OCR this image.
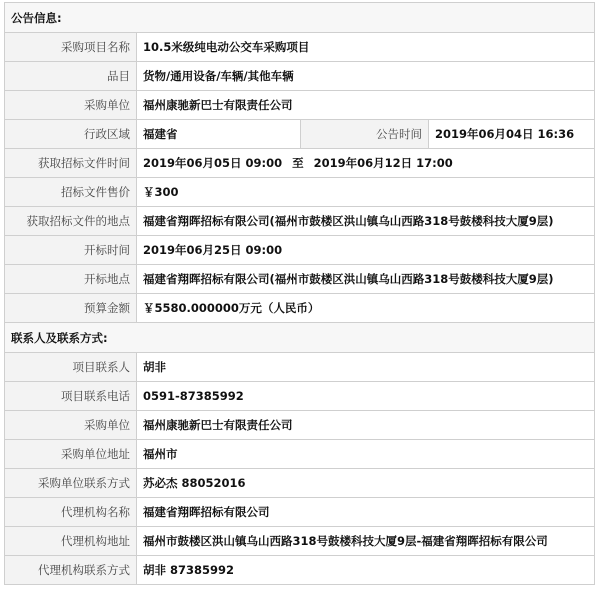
公告信息:			
采购项目名称	10.5米级纯电动公交车采购项目		
品目	货物/通用设备/车辆/其他车辆		
采购单位	福州康驰新巴士有限责任公司		
行政区域	福建省	公告时间	2019年06月04日 16:36
获取招标文件时间	2019年06月05日 09:00 至 2019年06月12日 17:00		
招标文件售价	￥300		
获取招标文件的地点	福建省翔晖招标有限公司(福州市鼓楼区洪山镇乌山西路318号鼓楼科技大厦9层)		
开标时间	2019年06月25日 09:00		
开标地点	福建省翔晖招标有限公司(福州市鼓楼区洪山镇乌山西路318号鼓楼科技大厦9层)		
预算金额	￥5580.000000万元（人民币）		
联系人及联系方式:			
项目联系人	胡非		
项目联系电话	0591-87385992		
采购单位	福州康驰新巴士有限责任公司		
采购单位地址	福州市		
采购单位联系方式	苏必杰 88052016		
代理机构名称	福建省翔晖招标有限公司		
代理机构地址	福州市鼓楼区洪山镇乌山西路318号鼓楼科技大厦9层-福建省翔晖招标有限公司		
代理机构联系方式	胡非 87385992		
